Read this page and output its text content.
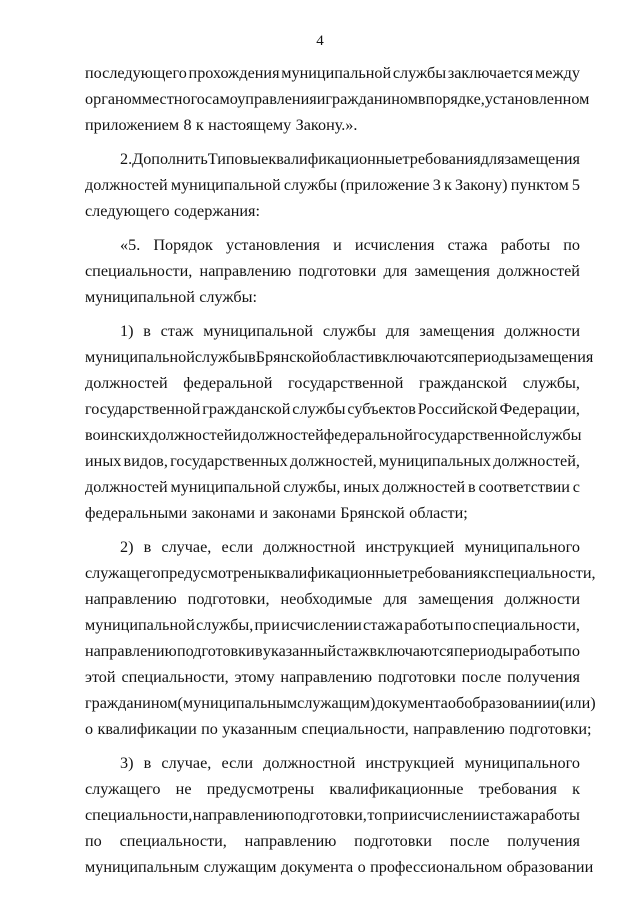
4
последующего прохождения муниципальной службы заключается между
органом местного самоуправления и гражданином в порядке, установленном
приложением 8 к настоящему Закону.».
2. Дополнить Типовые квалификационные требования для замещения
должностей муниципальной службы (приложение 3 к Закону) пунктом 5
следующего содержания:
«5. Порядок установления и исчисления стажа работы по
специальности, направлению подготовки для замещения должностей
муниципальной службы:
1) в стаж муниципальной службы для замещения должности
муниципальной службы в Брянской области включаются периоды замещения
должностей федеральной государственной гражданской службы,
государственной гражданской службы субъектов Российской Федерации,
воинских должностей и должностей федеральной государственной службы
иных видов, государственных должностей, муниципальных должностей,
должностей муниципальной службы, иных должностей в соответствии с
федеральными законами и законами Брянской области;
2) в случае, если должностной инструкцией муниципального
служащего предусмотрены квалификационные требования к специальности,
направлению подготовки, необходимые для замещения должности
муниципальной службы, при исчислении стажа работы по специальности,
направлению подготовки в указанный стаж включаются периоды работы по
этой специальности, этому направлению подготовки после получения
гражданином (муниципальным служащим) документа об образовании и (или)
о квалификации по указанным специальности, направлению подготовки;
3) в случае, если должностной инструкцией муниципального
служащего не предусмотрены квалификационные требования к
специальности, направлению подготовки, то при исчислении стажа работы
по специальности, направлению подготовки после получения
муниципальным служащим документа о профессиональном образовании
